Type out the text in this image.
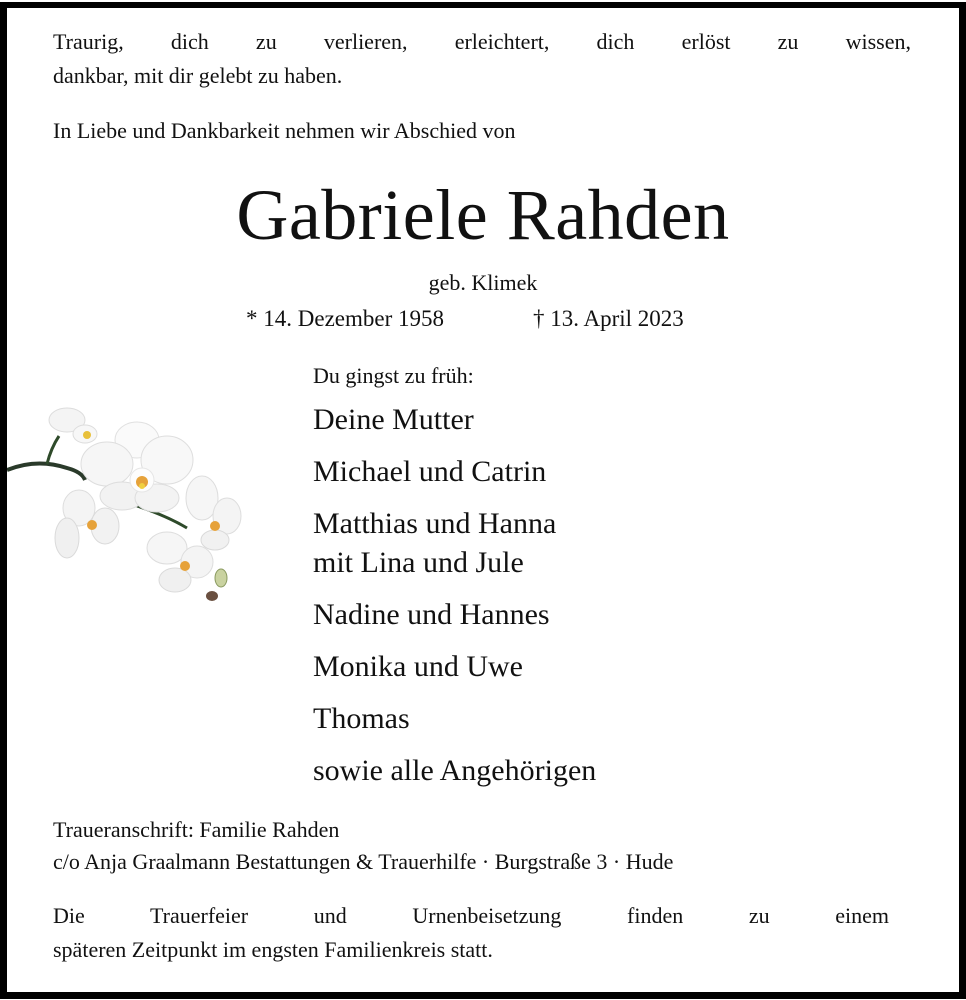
Traurig, dich zu verlieren, erleichtert, dich erlöst zu wissen,
dankbar, mit dir gelebt zu haben.
In Liebe und Dankbarkeit nehmen wir Abschied von
Gabriele Rahden
geb. Klimek
* 14. Dezember 1958	† 13. April 2023
Du gingst zu früh:
Deine Mutter
Michael und Catrin
Matthias und Hanna
mit Lina und Jule
Nadine und Hannes
Monika und Uwe
Thomas
sowie alle Angehörigen
Traueranschrift: Familie Rahden
c/o Anja Graalmann Bestattungen & Trauerhilfe · Burgstraße 3 · Hude
Die Trauerfeier und Urnenbeisetzung finden zu einem
späteren Zeitpunkt im engsten Familienkreis statt.
